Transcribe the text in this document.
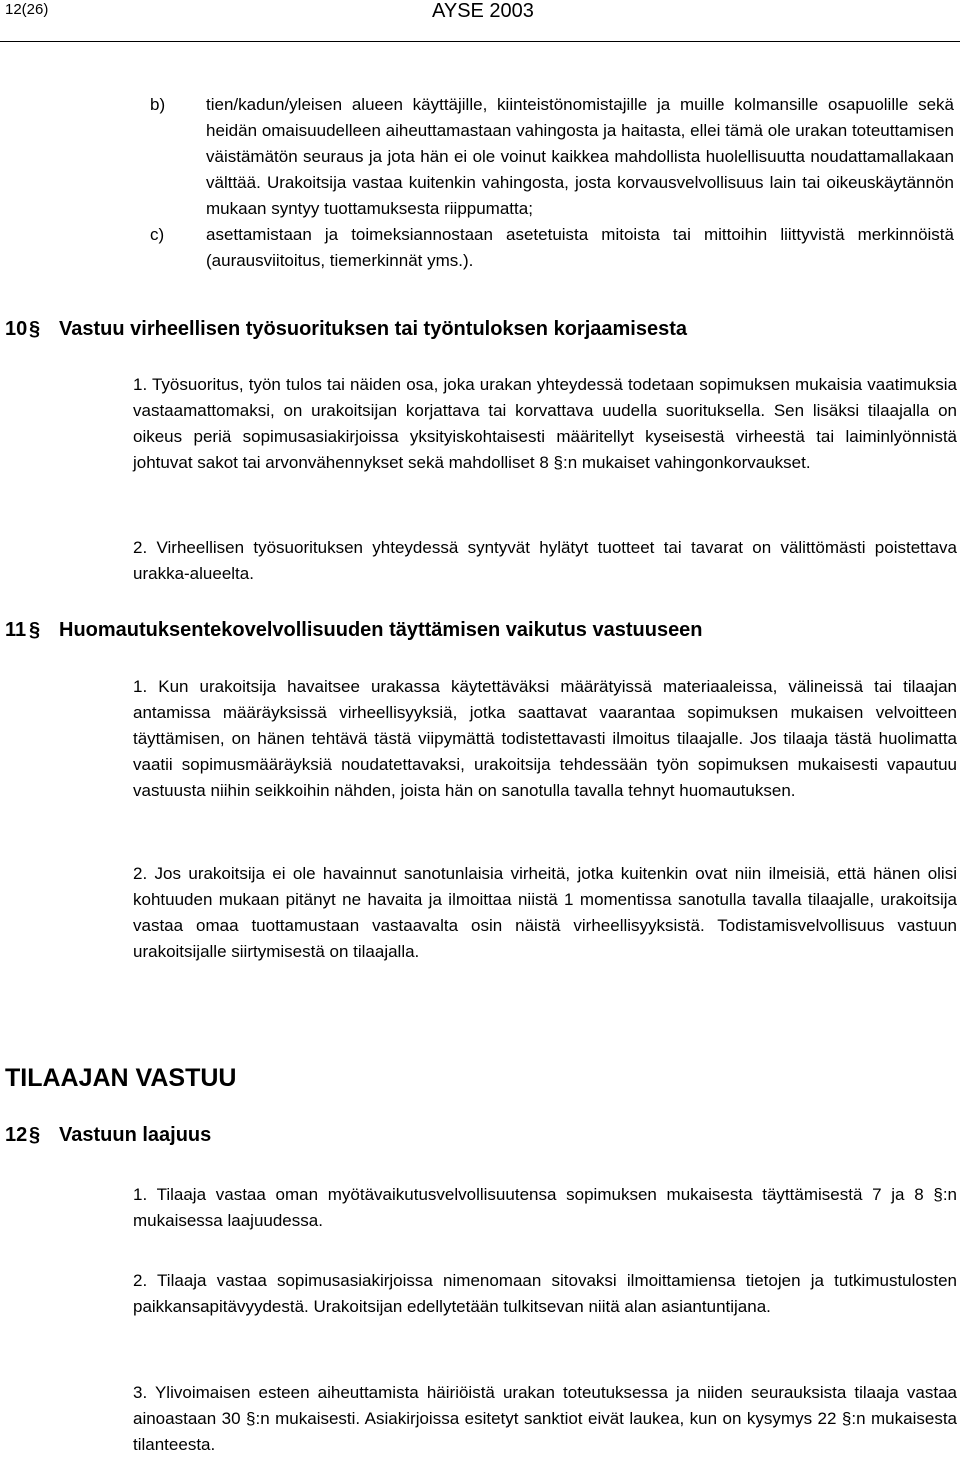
12(26)	AYSE 2003
b) tien/kadun/yleisen alueen käyttäjille, kiinteistönomistajille ja muille kolmansille osapuolille sekä heidän omaisuudelleen aiheuttamastaan vahingosta ja haitasta, ellei tämä ole urakan toteuttamisen väistämätön seuraus ja jota hän ei ole voinut kaikkea mahdollista huolellisuutta noudattamallakaan välttää. Urakoitsija vastaa kuitenkin vahingosta, josta korvausvelvollisuus lain tai oikeuskäytännön mukaan syntyy tuottamuksesta riippumatta;
c) asettamistaan ja toimeksiannostaan asetetuista mitoista tai mittoihin liittyvistä merkinnöistä (aurausviitoitus, tiemerkinnät yms.).
10§ Vastuu virheellisen työsuorituksen tai työntuloksen korjaamisesta

1. Työsuoritus, työn tulos tai näiden osa, joka urakan yhteydessä todetaan sopimuksen mukaisia vaatimuksia vastaamattomaksi, on urakoitsijan korjattava tai korvattava uudella suorituksella. Sen lisäksi tilaajalla on oikeus periä sopimusasiakirjoissa yksityiskohtaisesti määritellyt kyseisestä virheestä tai laiminlyönnistä johtuvat sakot tai arvonvähennykset sekä mahdolliset 8 §:n mukaiset vahingonkorvaukset.

2. Virheellisen työsuorituksen yhteydessä syntyvät hylätyt tuotteet tai tavarat on välittömästi poistettava urakka-alueelta.

11 § Huomautuksentekovelvollisuuden täyttämisen vaikutus vastuuseen

1. Kun urakoitsija havaitsee urakassa käytettäväksi määrätyissä materiaaleissa, välineissä tai tilaajan antamissa määräyksissä virheellisyyksiä, jotka saattavat vaarantaa sopimuksen mukaisen velvoitteen täyttämisen, on hänen tehtävä tästä viipymättä todistettavasti ilmoitus tilaajalle. Jos tilaaja tästä huolimatta vaatii sopimusmääräyksiä noudatettavaksi, urakoitsija tehdessään työn sopimuksen mukaisesti vapautuu vastuusta niihin seikkoihin nähden, joista hän on sanotulla tavalla tehnyt huomautuksen.

2. Jos urakoitsija ei ole havainnut sanotunlaisia virheitä, jotka kuitenkin ovat niin ilmeisiä, että hänen olisi kohtuuden mukaan pitänyt ne havaita ja ilmoittaa niistä 1 momentissa sanotulla tavalla tilaajalle, urakoitsija vastaa omaa tuottamustaan vastaavalta osin näistä virheellisyyksistä. Todistamisvelvollisuus vastuun urakoitsijalle siirtymisestä on tilaajalla.

TILAAJAN VASTUU
12§ Vastuun laajuus

1. Tilaaja vastaa oman myötävaikutusvelvollisuutensa sopimuksen mukaisesta täyttämisestä 7 ja 8 §:n mukaisessa laajuudessa.

2. Tilaaja vastaa sopimusasiakirjoissa nimenomaan sitovaksi ilmoittamiensa tietojen ja tutkimustulosten paikkansapitävyydestä. Urakoitsijan edellytetään tulkitsevan niitä alan asiantuntijana.

3. Ylivoimaisen esteen aiheuttamista häiriöistä urakan toteutuksessa ja niiden seurauksista tilaaja vastaa ainoastaan 30 §:n mukaisesti. Asiakirjoissa esitetyt sanktiot eivät laukea, kun on kysymys 22 §:n mukaisesta tilanteesta.
